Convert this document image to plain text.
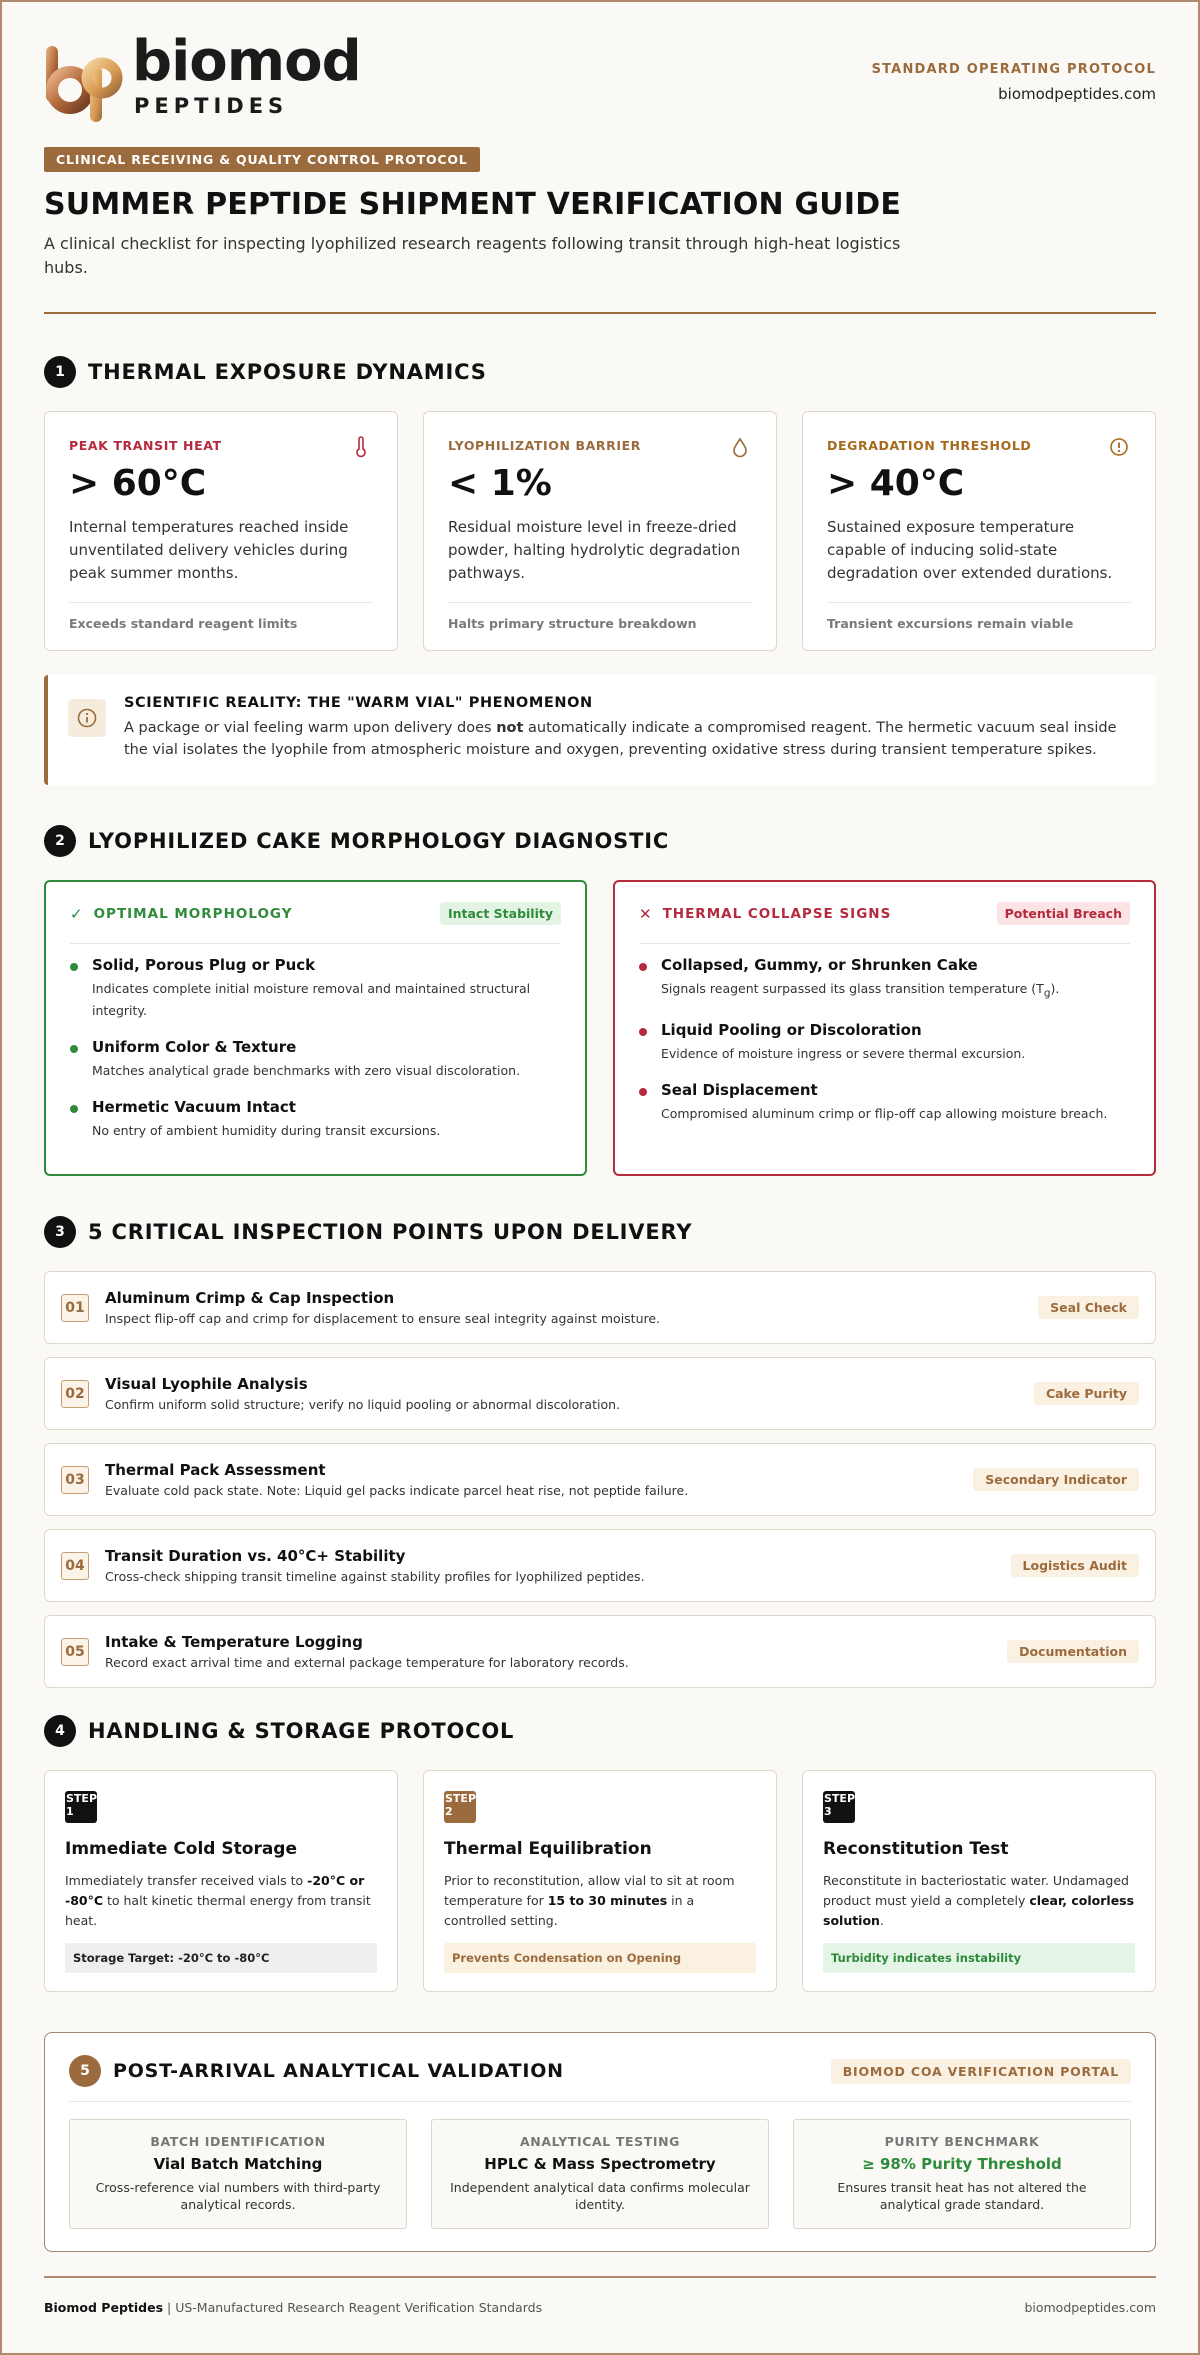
biomod
PEPTIDES
STANDARD OPERATING PROTOCOL
biomodpeptides.com
CLINICAL RECEIVING & QUALITY CONTROL PROTOCOL
SUMMER PEPTIDE SHIPMENT VERIFICATION GUIDE
A clinical checklist for inspecting lyophilized research reagents following transit through high-heat logistics hubs.
1	THERMAL EXPOSURE DYNAMICS
PEAK TRANSIT HEAT
> 60°C
Internal temperatures reached inside unventilated delivery vehicles during peak summer months.
Exceeds standard reagent limits
LYOPHILIZATION BARRIER
< 1%
Residual moisture level in freeze-dried powder, halting hydrolytic degradation pathways.
Halts primary structure breakdown
DEGRADATION THRESHOLD
> 40°C
Sustained exposure temperature capable of inducing solid-state degradation over extended durations.
Transient excursions remain viable
SCIENTIFIC REALITY: THE "WARM VIAL" PHENOMENON
A package or vial feeling warm upon delivery does not automatically indicate a compromised reagent. The hermetic vacuum seal inside the vial isolates the lyophile from atmospheric moisture and oxygen, preventing oxidative stress during transient temperature spikes.
2	LYOPHILIZED CAKE MORPHOLOGY DIAGNOSTIC
✓ OPTIMAL MORPHOLOGY	Intact Stability
Solid, Porous Plug or Puck
Indicates complete initial moisture removal and maintained structural integrity.
Uniform Color & Texture
Matches analytical grade benchmarks with zero visual discoloration.
Hermetic Vacuum Intact
No entry of ambient humidity during transit excursions.
✕ THERMAL COLLAPSE SIGNS	Potential Breach
Collapsed, Gummy, or Shrunken Cake
Signals reagent surpassed its glass transition temperature $(T_g)$.
Liquid Pooling or Discoloration
Evidence of moisture ingress or severe thermal excursion.
Seal Displacement
Compromised aluminum crimp or flip-off cap allowing moisture breach.
3	5 CRITICAL INSPECTION POINTS UPON DELIVERY
01
Aluminum Crimp & Cap Inspection
Inspect flip-off cap and crimp for displacement to ensure seal integrity against moisture.
Seal Check
02
Visual Lyophile Analysis
Confirm uniform solid structure; verify no liquid pooling or abnormal discoloration.
Cake Purity
03
Thermal Pack Assessment
Evaluate cold pack state. Note: Liquid gel packs indicate parcel heat rise, not peptide failure.
Secondary Indicator
04
Transit Duration vs. 40°C+ Stability
Cross-check shipping transit timeline against stability profiles for lyophilized peptides.
Logistics Audit
05
Intake & Temperature Logging
Record exact arrival time and external package temperature for laboratory records.
Documentation
4	HANDLING & STORAGE PROTOCOL
STEP 1
Immediate Cold Storage
Immediately transfer received vials to -20°C or -80°C to halt kinetic thermal energy from transit heat.
Storage Target: -20°C to -80°C
STEP 2
Thermal Equilibration
Prior to reconstitution, allow vial to sit at room temperature for 15 to 30 minutes in a controlled setting.
Prevents Condensation on Opening
STEP 3
Reconstitution Test
Reconstitute in bacteriostatic water. Undamaged product must yield a completely clear, colorless solution.
Turbidity indicates instability
5	POST-ARRIVAL ANALYTICAL VALIDATION	BIOMOD COA VERIFICATION PORTAL
BATCH IDENTIFICATION
Vial Batch Matching
Cross-reference vial numbers with third-party analytical records.
ANALYTICAL TESTING
HPLC & Mass Spectrometry
Independent analytical data confirms molecular identity.
PURITY BENCHMARK
≥ 98% Purity Threshold
Ensures transit heat has not altered the analytical grade standard.
Biomod Peptides | US-Manufactured Research Reagent Verification Standards	biomodpeptides.com
